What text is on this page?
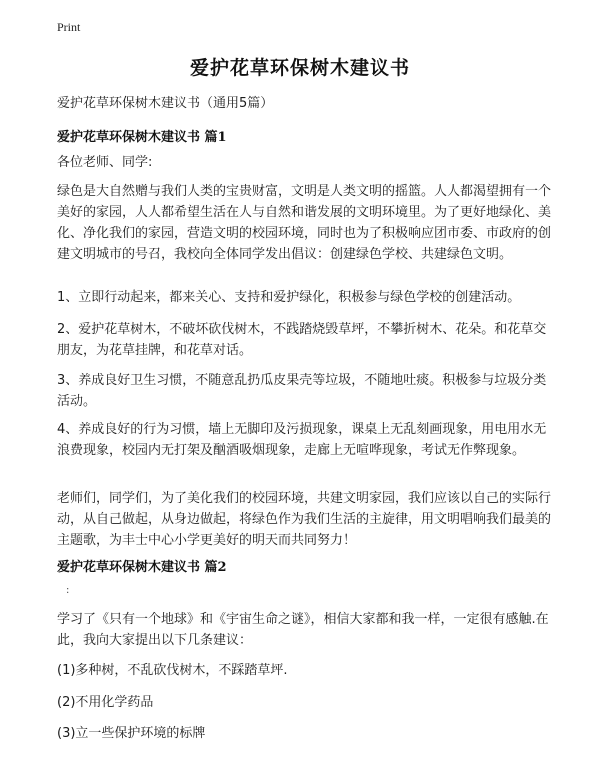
Print
爱护花草环保树木建议书

爱护花草环保树木建议书（通用5篇）

爱护花草环保树木建议书 篇1

各位老师、同学:

绿色是大自然赠与我们人类的宝贵财富，文明是人类文明的摇篮。人人都渴望拥有一个美好的家园，人人都希望生活在人与自然和谐发展的文明环境里。为了更好地绿化、美化、净化我们的家园，营造文明的校园环境，同时也为了积极响应团市委、市政府的创建文明城市的号召，我校向全体同学发出倡议：创建绿色学校、共建绿色文明。

1、立即行动起来，都来关心、支持和爱护绿化，积极参与绿色学校的创建活动。

2、爱护花草树木，不破坏砍伐树木，不践踏烧毁草坪，不攀折树木、花朵。和花草交朋友，为花草挂牌，和花草对话。

3、养成良好卫生习惯，不随意乱扔瓜皮果壳等垃圾，不随地吐痰。积极参与垃圾分类活动。

4、养成良好的行为习惯，墙上无脚印及污损现象，课桌上无乱刻画现象，用电用水无浪费现象，校园内无打架及酗酒吸烟现象，走廊上无喧哗现象，考试无作弊现象。

老师们，同学们，为了美化我们的校园环境，共建文明家园，我们应该以自己的实际行动，从自己做起，从身边做起，将绿色作为我们生活的主旋律，用文明唱响我们最美的主题歌，为丰士中心小学更美好的明天而共同努力！

爱护花草环保树木建议书 篇2
:

学习了《只有一个地球》和《宇宙生命之谜》，相信大家都和我一样，一定很有感触.在此，我向大家提出以下几条建议：

(1)多种树，不乱砍伐树木，不踩踏草坪.

(2)不用化学药品

(3)立一些保护环境的标牌
